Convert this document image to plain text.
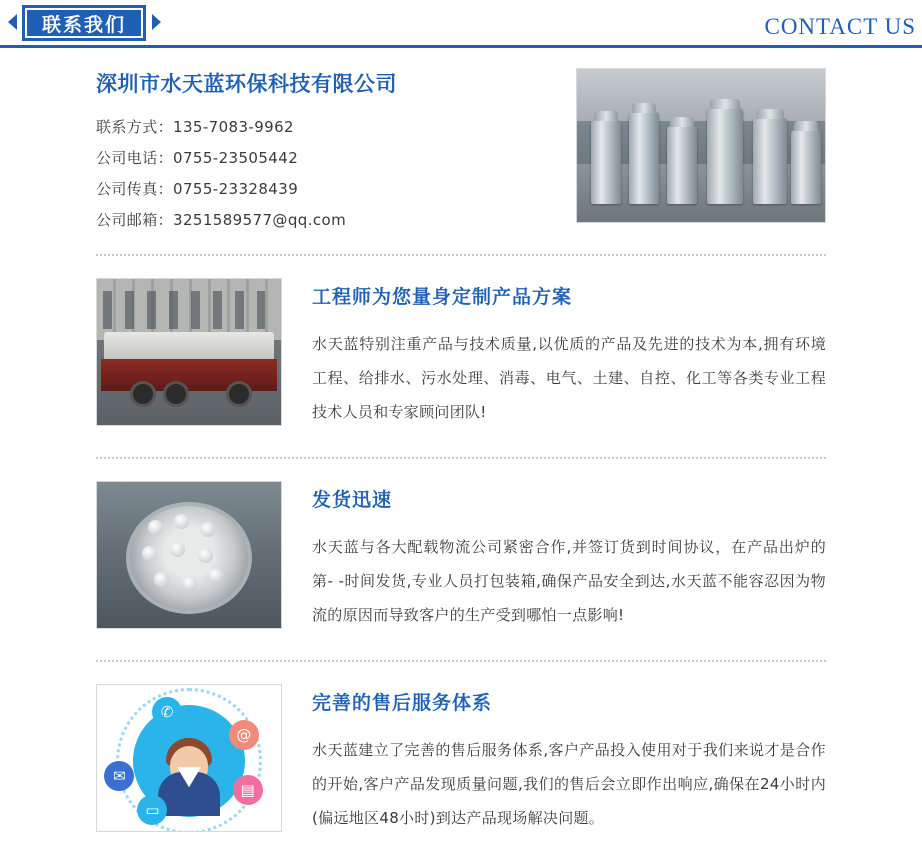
联系我们	CONTACT US
深圳市水天蓝环保科技有限公司
联系方式：135-7083-9962
公司电话：0755-23505442
公司传真：0755-23328439
公司邮箱：3251589577@qq.com
工程师为您量身定制产品方案
水天蓝特别注重产品与技术质量,以优质的产品及先进的技术为本,拥有环境工程、给排水、污水处理、消毒、电气、土建、自控、化工等各类专业工程技术人员和专家顾问团队!
发货迅速
水天蓝与各大配载物流公司紧密合作,并签订货到时间协议，在产品出炉的第- -时间发货,专业人员打包装箱,确保产品安全到达,水天蓝不能容忍因为物流的原因而导致客户的生产受到哪怕一点影响!
✆
@
✉
▤
▭
完善的售后服务体系
水天蓝建立了完善的售后服务体系,客户产品投入使用对于我们来说才是合作的开始,客户产品发现质量问题,我们的售后会立即作出响应,确保在24小时内(偏远地区48小时)到达产品现场解决问题。
